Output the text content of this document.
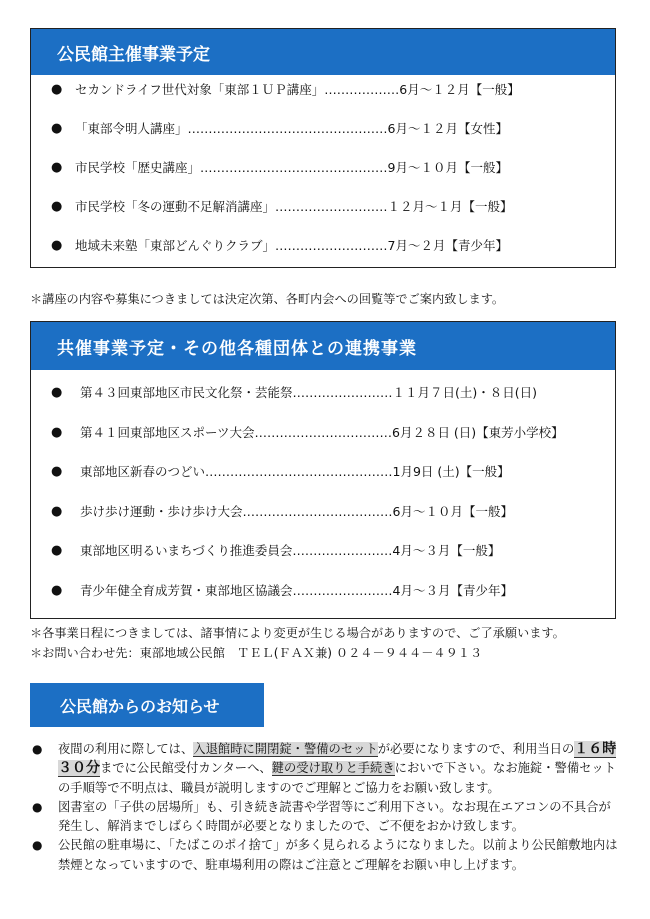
公民館主催事業予定
● セカンドライフ世代対象「東部１ＵＰ講座」………………6月～１２月【一般】
● 「東部令明人講座」…………………………………………6月～１２月【女性】
● 市民学校「歴史講座」………………………………………9月～１０月【一般】
● 市民学校「冬の運動不足解消講座」………………………１２月～１月【一般】
● 地域未来塾「東部どんぐりクラブ」………………………7月～２月【青少年】
＊講座の内容や募集につきましては決定次第、各町内会への回覧等でご案内致します。
共催事業予定・その他各種団体との連携事業
● 第４３回東部地区市民文化祭・芸能祭……………………１１月７日(土)・８日(日)
● 第４１回東部地区スポーツ大会……………………………6月２８日 (日)【東芳小学校】
● 東部地区新春のつどい………………………………………1月9日 (土)【一般】
● 歩け歩け運動・歩け歩け大会………………………………6月～１０月【一般】
● 東部地区明るいまちづくり推進委員会……………………4月～３月【一般】
● 青少年健全育成芳賀・東部地区協議会……………………4月～３月【青少年】
＊各事業日程につきましては、諸事情により変更が生じる場合がありますので、ご了承願います。
＊お問い合わせ先：東部地域公民館　ＴＥＬ(ＦＡＸ兼) ０２４－９４４－４９１３
公民館からのお知らせ
● 夜間の利用に際しては、入退館時に開閉錠・警備のセットが必要になりますので、利用当日の１６時３０分までに公民館受付カンターへ、鍵の受け取りと手続きにおいで下さい。なお施錠・警備セットの手順等で不明点は、職員が説明しますのでご理解とご協力をお願い致します。
● 図書室の「子供の居場所」も、引き続き読書や学習等にご利用下さい。なお現在エアコンの不具合が発生し、解消までしばらく時間が必要となりましたので、ご不便をおかけ致します。
● 公民館の駐車場に、「たばこのポイ捨て」が多く見られるようになりました。以前より公民館敷地内は禁煙となっていますので、駐車場利用の際はご注意とご理解をお願い申し上げます。
